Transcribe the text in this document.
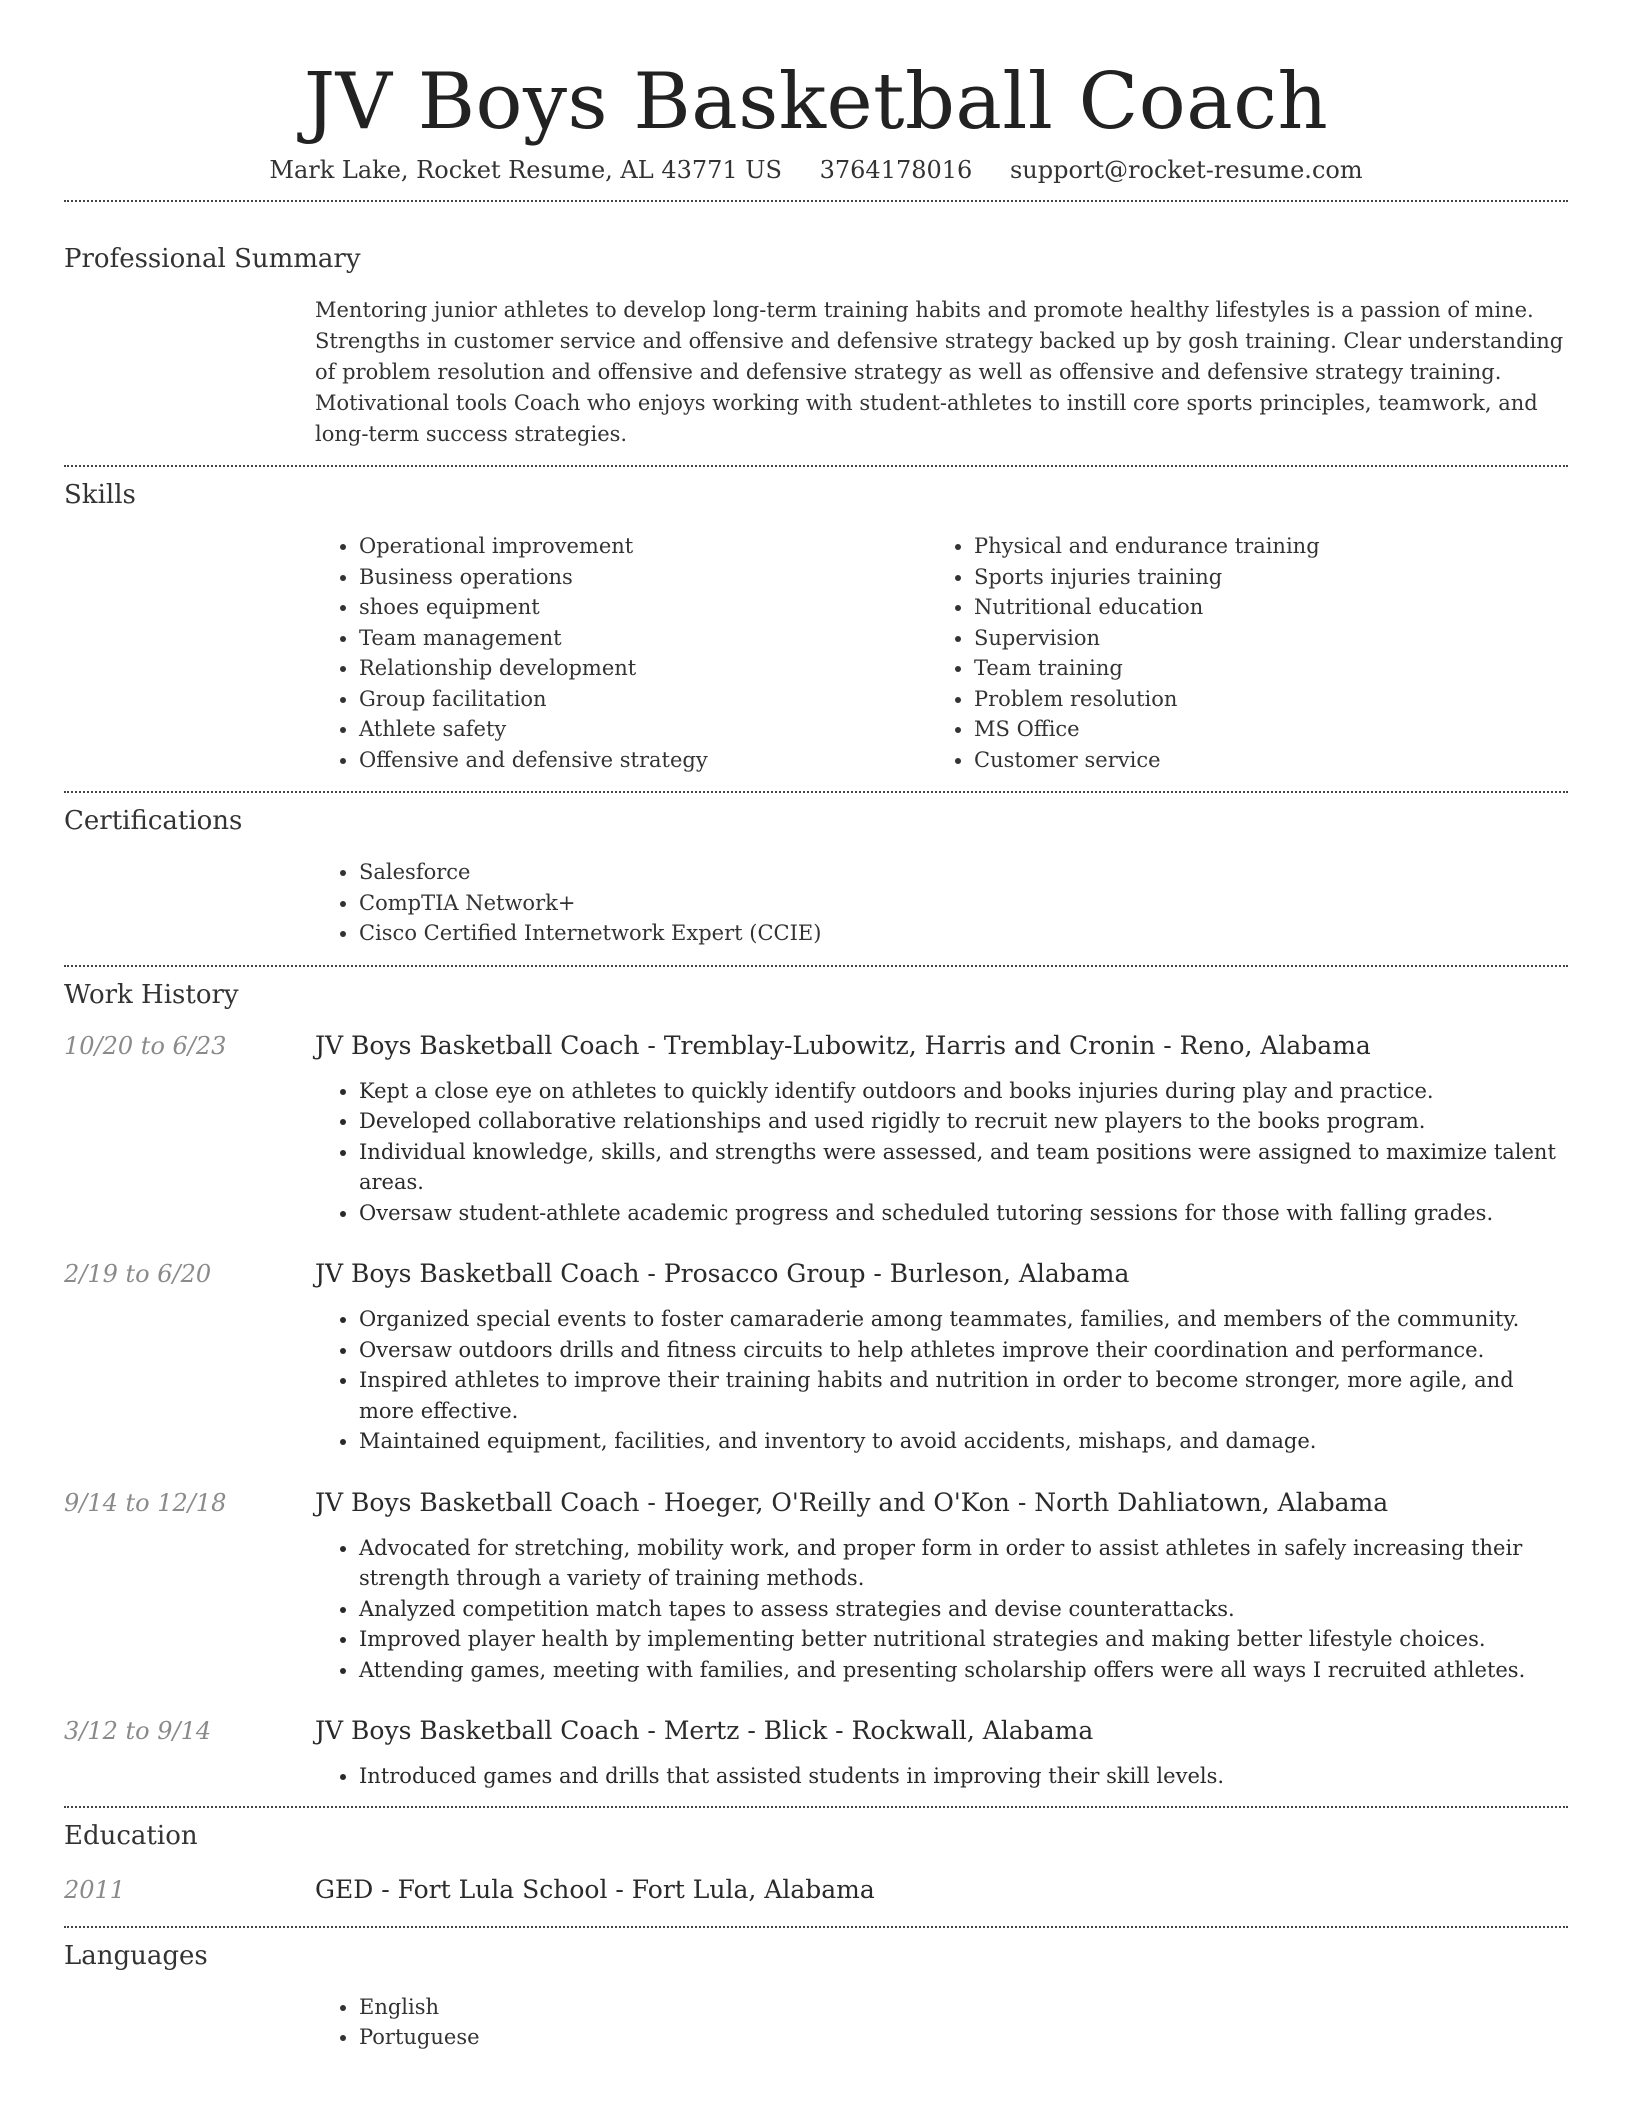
JV Boys Basketball Coach
Mark Lake, Rocket Resume, AL 43771 US 3764178016 support@rocket-resume.com
Professional Summary
Mentoring junior athletes to develop long-term training habits and promote healthy lifestyles is a passion of mine. Strengths in customer service and offensive and defensive strategy backed up by gosh training. Clear understanding of problem resolution and offensive and defensive strategy as well as offensive and defensive strategy training. Motivational tools Coach who enjoys working with student-athletes to instill core sports principles, teamwork, and long-term success strategies.
Skills
• Operational improvement
• Business operations
• shoes equipment
• Team management
• Relationship development
• Group facilitation
• Athlete safety
• Offensive and defensive strategy
• Physical and endurance training
• Sports injuries training
• Nutritional education
• Supervision
• Team training
• Problem resolution
• MS Office
• Customer service
Certifications
• Salesforce
• CompTIA Network+
• Cisco Certified Internetwork Expert (CCIE)
Work History
10/20 to 6/23	JV Boys Basketball Coach - Tremblay-Lubowitz, Harris and Cronin - Reno, Alabama
• Kept a close eye on athletes to quickly identify outdoors and books injuries during play and practice.
• Developed collaborative relationships and used rigidly to recruit new players to the books program.
• Individual knowledge, skills, and strengths were assessed, and team positions were assigned to maximize talent areas.
• Oversaw student-athlete academic progress and scheduled tutoring sessions for those with falling grades.
2/19 to 6/20	JV Boys Basketball Coach - Prosacco Group - Burleson, Alabama
• Organized special events to foster camaraderie among teammates, families, and members of the community.
• Oversaw outdoors drills and fitness circuits to help athletes improve their coordination and performance.
• Inspired athletes to improve their training habits and nutrition in order to become stronger, more agile, and more effective.
• Maintained equipment, facilities, and inventory to avoid accidents, mishaps, and damage.
9/14 to 12/18	JV Boys Basketball Coach - Hoeger, O'Reilly and O'Kon - North Dahliatown, Alabama
• Advocated for stretching, mobility work, and proper form in order to assist athletes in safely increasing their strength through a variety of training methods.
• Analyzed competition match tapes to assess strategies and devise counterattacks.
• Improved player health by implementing better nutritional strategies and making better lifestyle choices.
• Attending games, meeting with families, and presenting scholarship offers were all ways I recruited athletes.
3/12 to 9/14	JV Boys Basketball Coach - Mertz - Blick - Rockwall, Alabama
• Introduced games and drills that assisted students in improving their skill levels.
Education
2011	GED - Fort Lula School - Fort Lula, Alabama
Languages
• English
• Portuguese
